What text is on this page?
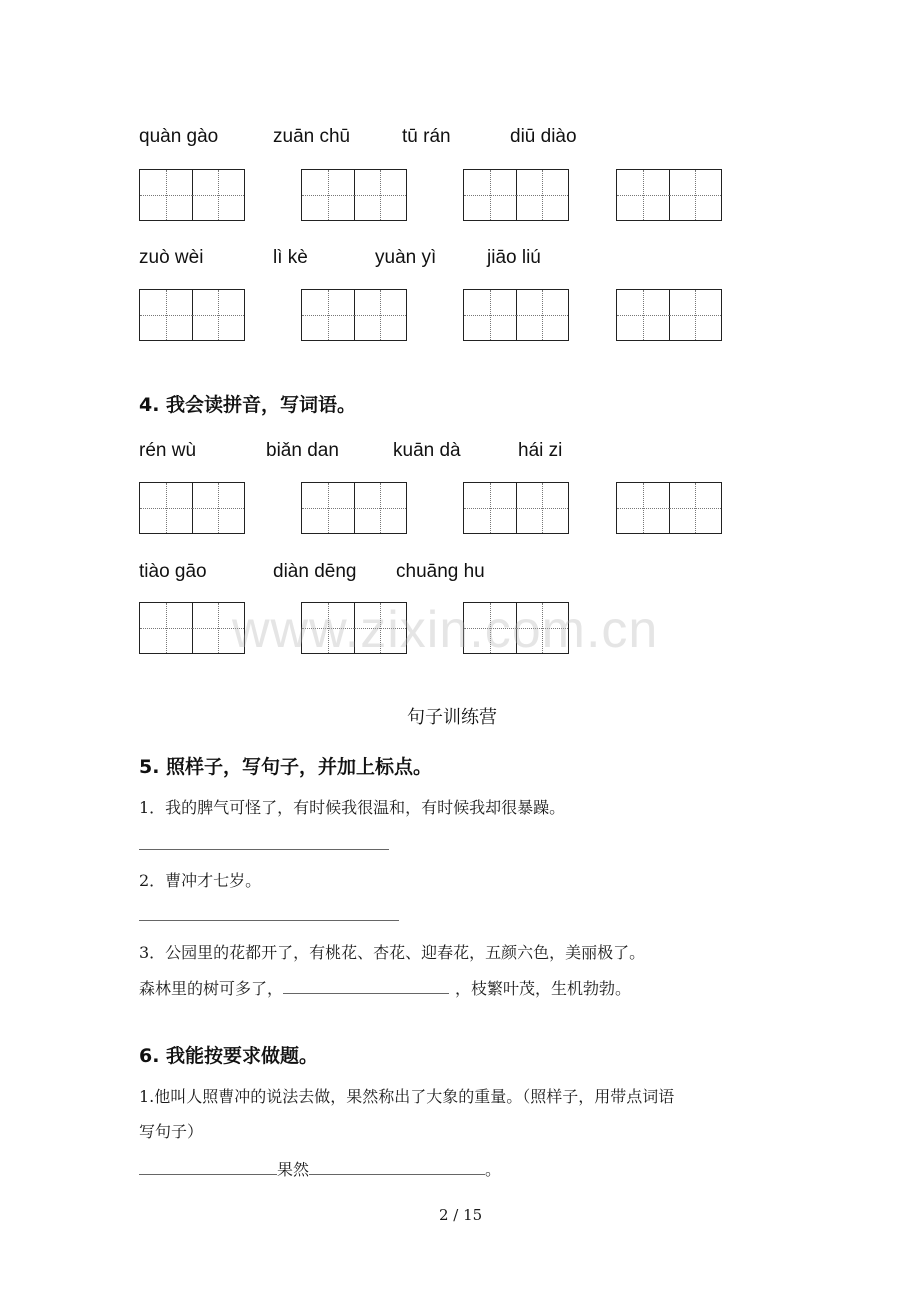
quàn gào	zuān chū	tū rán	diū diào
zuò wèi	lì kè	yuàn yì	jiāo liú
4. 我会读拼音，写词语。
rén wù	biǎn dan	kuān dà	hái zi
tiào gāo	diàn dēng chuāng hu
www.zixin.com.cn
句子训练营
5. 照样子，写句子，并加上标点。
1．我的脾气可怪了，有时候我很温和，有时候我却很暴躁。
2．曹冲才七岁。
3．公园里的花都开了，有桃花、杏花、迎春花，五颜六色，美丽极了。
森林里的树可多了，	，枝繁叶茂，生机勃勃。
6. 我能按要求做题。
1.他叫人照曹冲的说法去做，果然称出了大象的重量。（照样子，用带点词语
写句子）
果然	。
2 / 15
